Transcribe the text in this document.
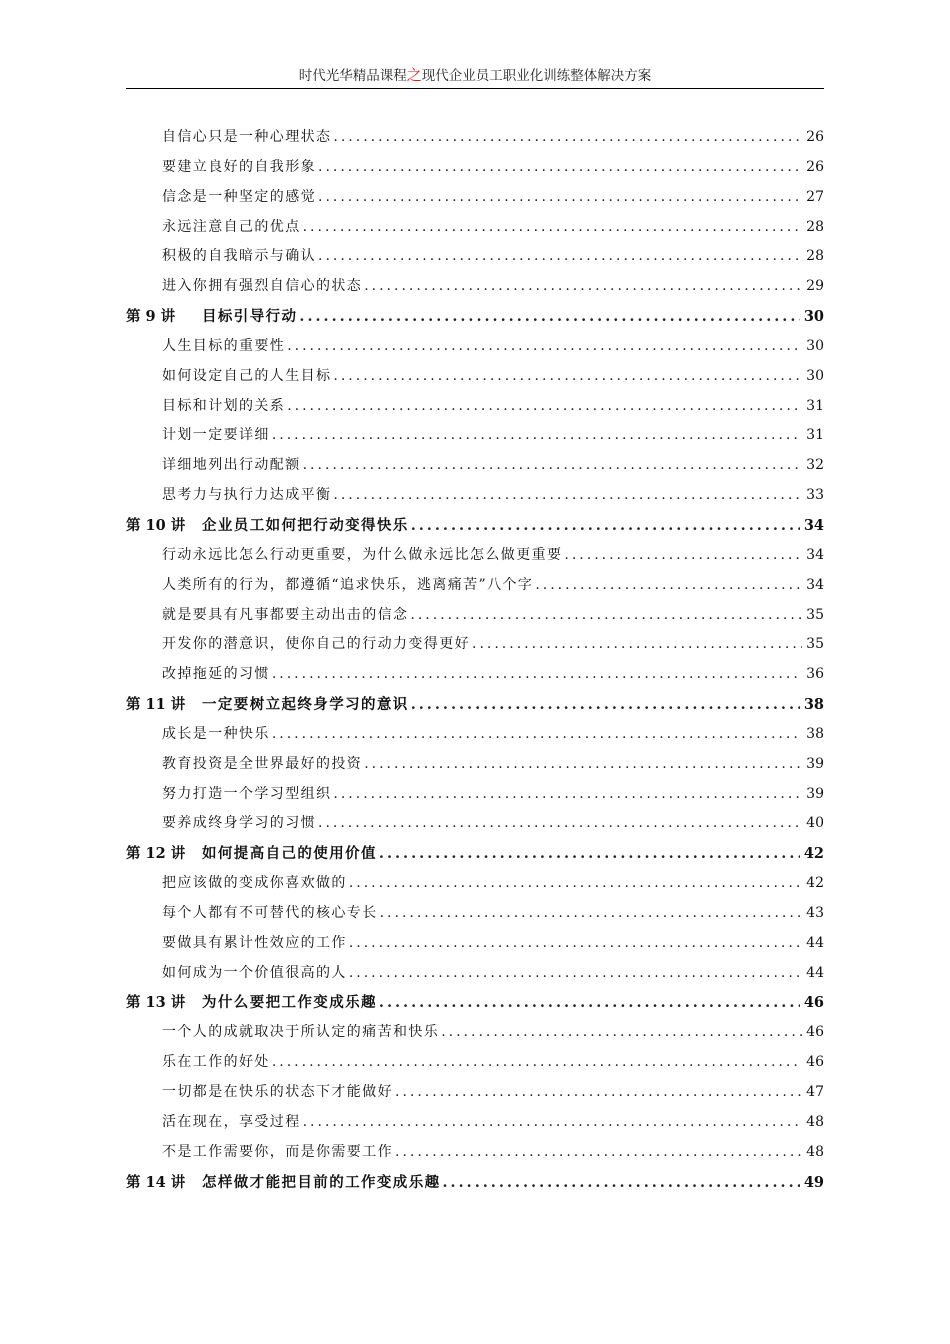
时代光华精品课程之现代企业员工职业化训练整体解决方案
自信心只是一种心理状态 .....	26
要建立良好的自我形象 .....	26
信念是一种坚定的感觉 .....	27
永远注意自己的优点 .....	28
积极的自我暗示与确认 .....	28
进入你拥有强烈自信心的状态 .....	29
第 9 讲	目标引导行动 .....	30
人生目标的重要性 .....	30
如何设定自己的人生目标 .....	30
目标和计划的关系 .....	31
计划一定要详细 .....	31
详细地列出行动配额 .....	32
思考力与执行力达成平衡 .....	33
第 10 讲	企业员工如何把行动变得快乐 .....	34
行动永远比怎么行动更重要，为什么做永远比怎么做更重要 .....	34
人类所有的行为，都遵循“追求快乐，逃离痛苦”八个字 .....	34
就是要具有凡事都要主动出击的信念 .....	35
开发你的潜意识，使你自己的行动力变得更好 .....	35
改掉拖延的习惯 .....	36
第 11 讲	一定要树立起终身学习的意识 .....	38
成长是一种快乐 .....	38
教育投资是全世界最好的投资 .....	39
努力打造一个学习型组织 .....	39
要养成终身学习的习惯 .....	40
第 12 讲	如何提高自己的使用价值 .....	42
把应该做的变成你喜欢做的 .....	42
每个人都有不可替代的核心专长 .....	43
要做具有累计性效应的工作 .....	44
如何成为一个价值很高的人 .....	44
第 13 讲	为什么要把工作变成乐趣 .....	46
一个人的成就取决于所认定的痛苦和快乐 .....	46
乐在工作的好处 .....	46
一切都是在快乐的状态下才能做好 .....	47
活在现在，享受过程 .....	48
不是工作需要你，而是你需要工作 .....	48
第 14 讲	怎样做才能把目前的工作变成乐趣 .....	49
